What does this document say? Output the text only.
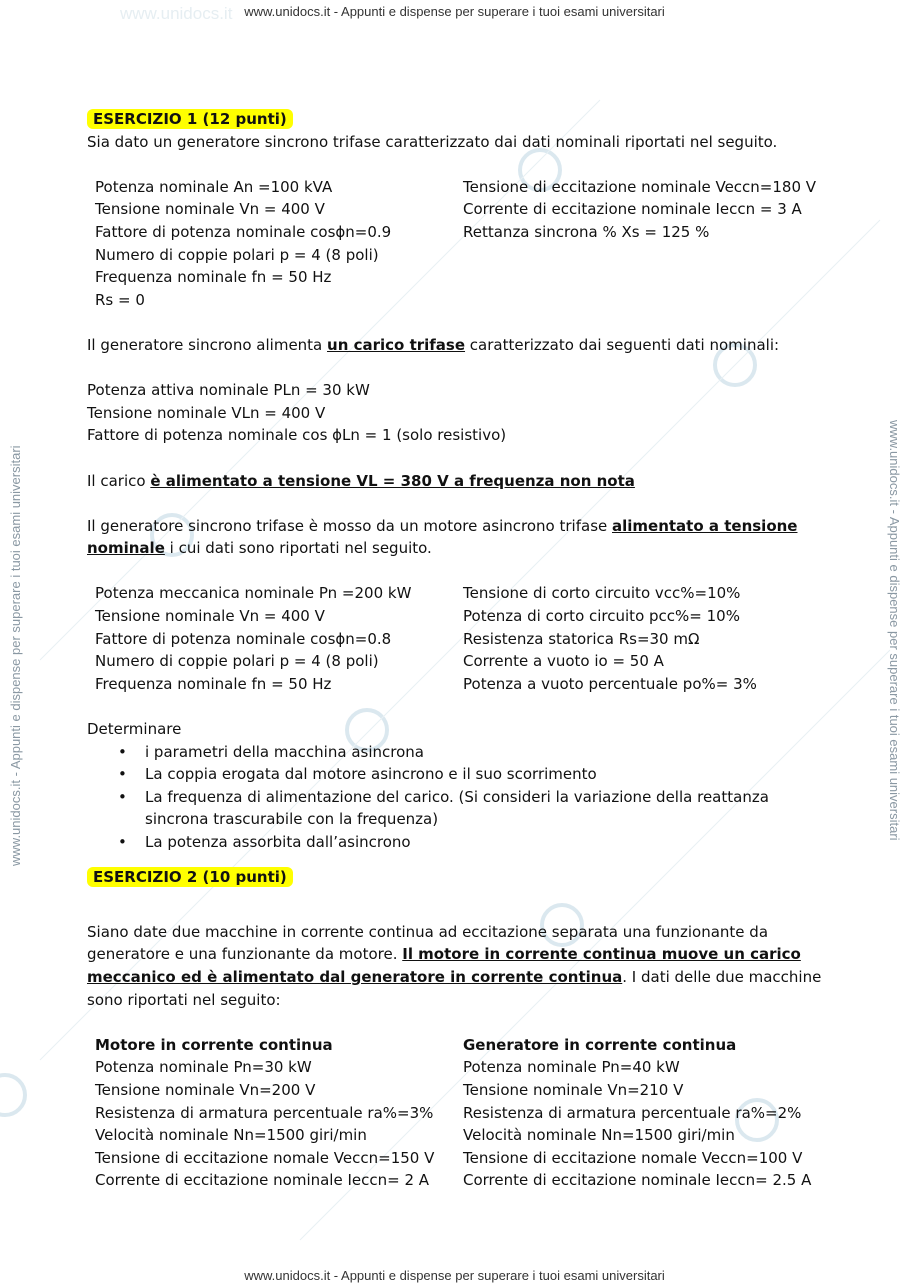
www.unidocs.it - Appunti e dispense per superare i tuoi esami universitari
www.unidocs.it - Appunti e dispense per superare i tuoi esami universitari
www.unidocs.it - Appunti e dispense per superare i tuoi esami universitari	www.unidocs.it - Appunti e dispense per superare i tuoi esami universitari
www.unidocs.it
ESERCIZIO 1 (12 punti)

Sia dato un generatore sincrono trifase caratterizzato dai dati nominali riportati nel seguito.

Potenza nominale An =100 kVA
Tensione nominale Vn = 400 V
Fattore di potenza nominale cosϕn=0.9
Numero di coppie polari p = 4 (8 poli)
Frequenza nominale fn = 50 Hz
Rs = 0
Tensione di eccitazione nominale Veccn=180 V
Corrente di eccitazione nominale Ieccn = 3 A
Rettanza sincrona % Xs = 125 %

Il generatore sincrono alimenta un carico trifase caratterizzato dai seguenti dati nominali:

Potenza attiva nominale PLn = 30 kW
Tensione nominale VLn = 400 V
Fattore di potenza nominale cos ϕLn = 1 (solo resistivo)

Il carico è alimentato a tensione VL = 380 V a frequenza non nota

Il generatore sincrono trifase è mosso da un motore asincrono trifase alimentato a tensione
nominale i cui dati sono riportati nel seguito.

Potenza meccanica nominale Pn =200 kW
Tensione nominale Vn = 400 V
Fattore di potenza nominale cosϕn=0.8
Numero di coppie polari p = 4 (8 poli)
Frequenza nominale fn = 50 Hz
Tensione di corto circuito vcc%=10%
Potenza di corto circuito pcc%= 10%
Resistenza statorica Rs=30 mΩ
Corrente a vuoto io = 50 A
Potenza a vuoto percentuale po%= 3%

Determinare

• i parametri della macchina asincrona
• La coppia erogata dal motore asincrono e il suo scorrimento
• La frequenza di alimentazione del carico. (Si consideri la variazione della reattanza sincrona trascurabile con la frequenza)
• La potenza assorbita dall’asincrono
ESERCIZIO 2 (10 punti)

Siano date due macchine in corrente continua ad eccitazione separata una funzionante da generatore e una funzionante da motore. Il motore in corrente continua muove un carico meccanico ed è alimentato dal generatore in corrente continua. I dati delle due macchine sono riportati nel seguito:

Motore in corrente continua
Potenza nominale Pn=30 kW
Tensione nominale Vn=200 V
Resistenza di armatura percentuale ra%=3%
Velocità nominale Nn=1500 giri/min
Tensione di eccitazione nomale Veccn=150 V
Corrente di eccitazione nominale Ieccn= 2 A
Generatore in corrente continua
Potenza nominale Pn=40 kW
Tensione nominale Vn=210 V
Resistenza di armatura percentuale ra%=2%
Velocità nominale Nn=1500 giri/min
Tensione di eccitazione nomale Veccn=100 V
Corrente di eccitazione nominale Ieccn= 2.5 A
